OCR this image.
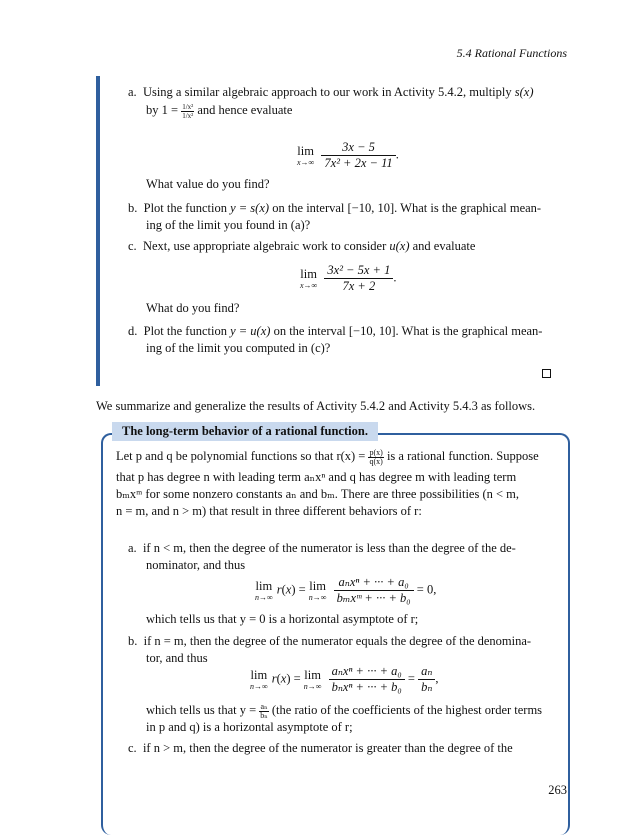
5.4 Rational Functions
a. Using a similar algebraic approach to our work in Activity 5.4.2, multiply s(x)
by $1 = \frac{\text{1/x²}}{\text{1/x²}}$ and hence evaluate
lim
x→∞
$\frac{3x - 5}{\text{7x² + 2x − 11}}$ .
What value do you find?
b. Plot the function y = s(x) on the interval [−10, 10]. What is the graphical mean-
ing of the limit you found in (a)?
c. Next, use appropriate algebraic work to consider u(x) and evaluate
lim
x→∞
$\frac{\text{3x² − 5x + 1}}{7x + 2}$ .
What do you find?
d. Plot the function y = u(x) on the interval [−10, 10]. What is the graphical mean-
ing of the limit you computed in (c)?
We summarize and generalize the results of Activity 5.4.2 and Activity 5.4.3 as follows.
The long-term behavior of a rational function.
Let p and q be polynomial functions so that $r(x) = \frac{p(x)}{q(x)}$ is a rational function. Suppose
that p has degree n with leading term aₙxⁿ and q has degree m with leading term
bₘxᵐ for some nonzero constants aₙ and bₘ. There are three possibilities (n < m,
n = m, and n > m) that result in three different behaviors of r:
a.  if n < m, then the degree of the numerator is less than the degree of the de-
nominator, and thus
lim
n→∞
r(x) = lim
n→∞
$\frac{\text{aₙxⁿ + ··· + a₀}}{\text{bₘxᵐ + ··· + b₀}} = 0$,
which tells us that y = 0 is a horizontal asymptote of r;
b.  if n = m, then the degree of the numerator equals the degree of the denomina-
tor, and thus
lim
n→∞
r(x) = lim
n→∞
$\frac{\text{aₙxⁿ + ··· + a₀}}{\text{bₙxⁿ + ··· + b₀}} = \frac{\text{aₙ}}{\text{bₙ}}$ ,
which tells us that $y = \frac{\text{aₙ}}{\text{bₙ}} (the$ ratio of the coefficients of the highest order terms
in p and q) is a horizontal asymptote of r;
c.  if n > m, then the degree of the numerator is greater than the degree of the
263
